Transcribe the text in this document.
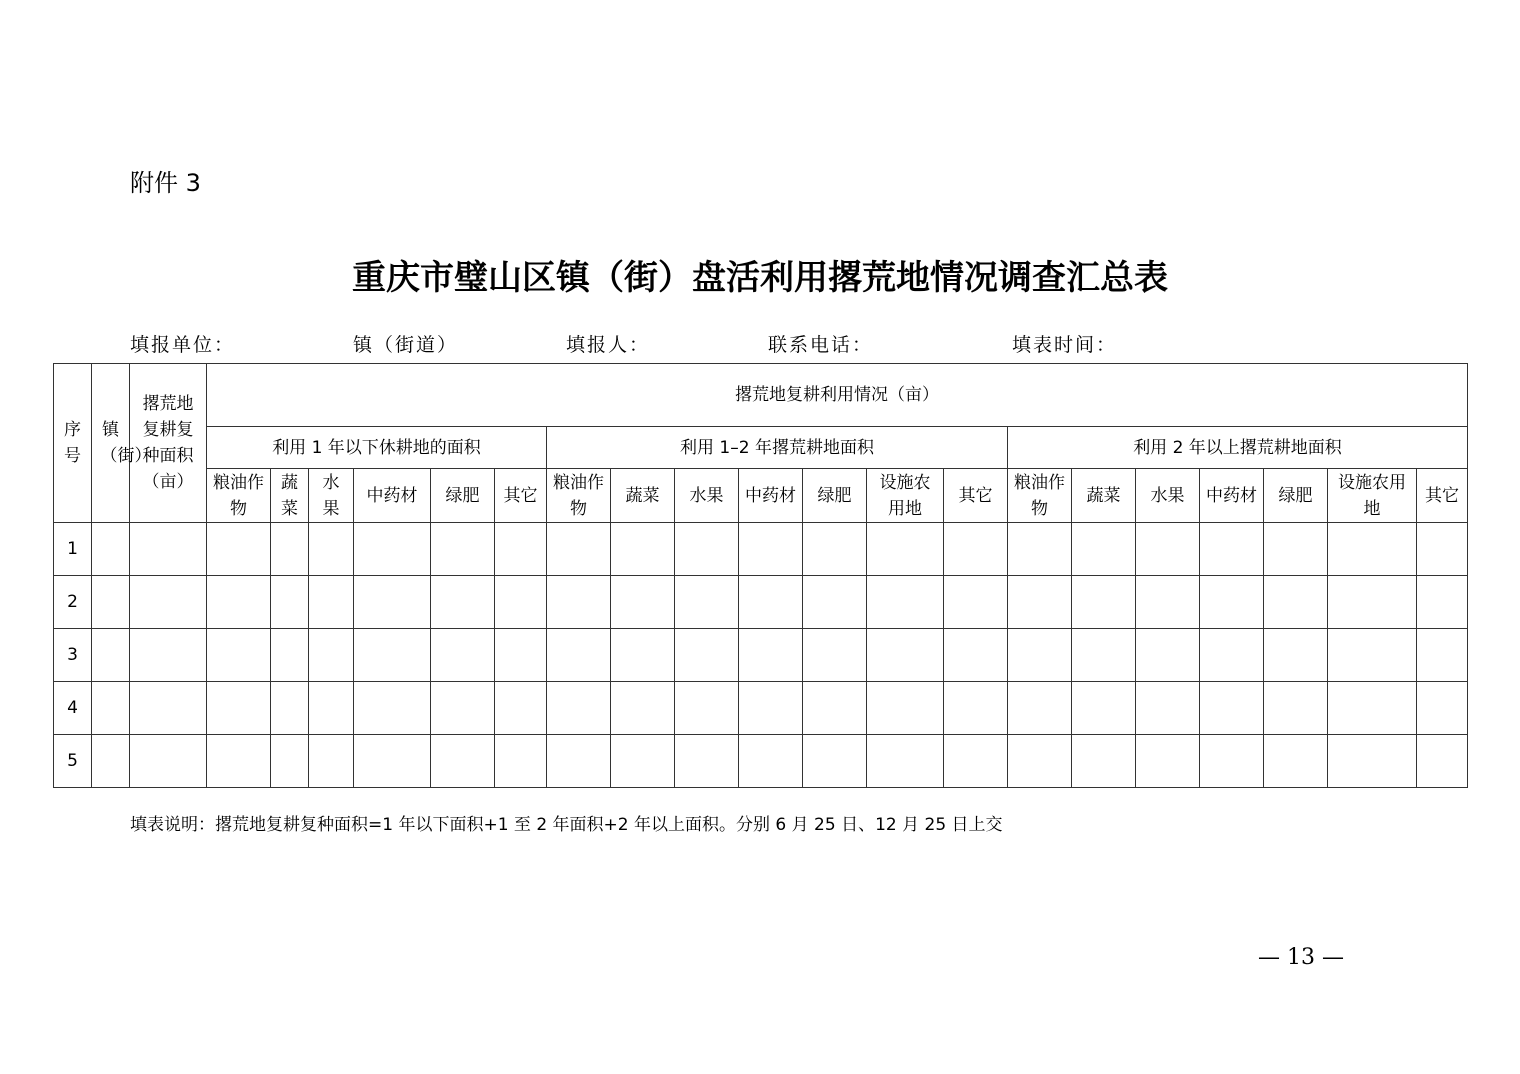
附件 3
重庆市璧山区镇（街）盘活利用撂荒地情况调查汇总表
填报单位：	镇（街道）	填报人：	联系电话：	填表时间：
序号	镇（街）	撂荒地复耕复种面积（亩）	撂荒地复耕利用情况（亩）																			
			利用 1 年以下休耕地的面积						利用 1–2 年撂荒耕地面积							利用 2 年以上撂荒耕地面积						

			粮油作物	蔬菜	水果	中药材	绿肥	其它	粮油作物	蔬菜	水果	中药材	绿肥	设施农用地	其它	粮油作物	蔬菜	水果	中药材	绿肥	设施农用地	其它

1																						
2																						
3																						
4																						
5																						
填表说明：撂荒地复耕复种面积=1 年以下面积+1 至 2 年面积+2 年以上面积。分别 6 月 25 日、12 月 25 日上交
— 13 —
